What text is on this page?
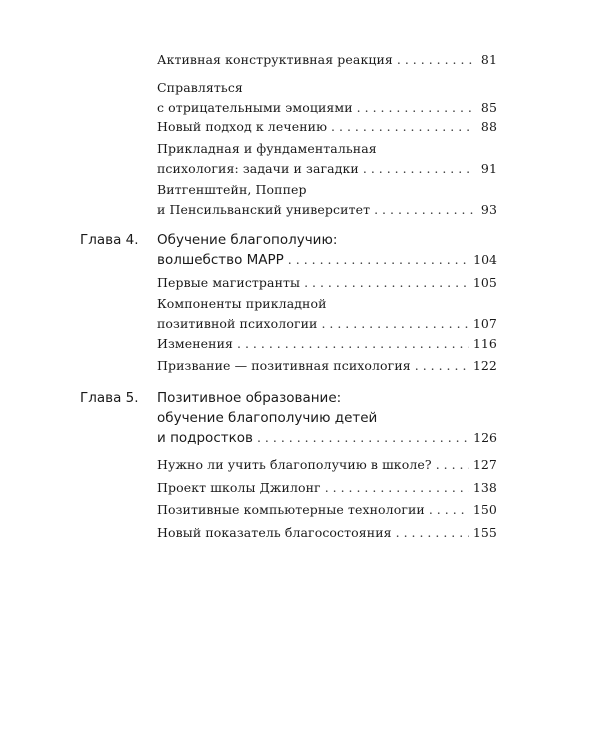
Активная конструктивная реакция . . .	81
Справляться
с отрицательными эмоциями . . .	85
Новый подход к лечению . . .	88
Прикладная и фундаментальная
психология: задачи и загадки . . .	91
Витгенштейн, Поппер
и Пенсильванский университет . . .	93
Глава 4. Обучение благополучию:
волшебство MAPP . . .	104
Первые магистранты . . .	105
Компоненты прикладной
позитивной психологии . . .	107
Изменения . . .	116
Призвание — позитивная психология . . .	122
Глава 5. Позитивное образование:
обучение благополучию детей
и подростков . . .	126
Нужно ли учить благополучию в школе? . . .	127
Проект школы Джилонг . . .	138
Позитивные компьютерные технологии . . .	150
Новый показатель благосостояния . . .	155
